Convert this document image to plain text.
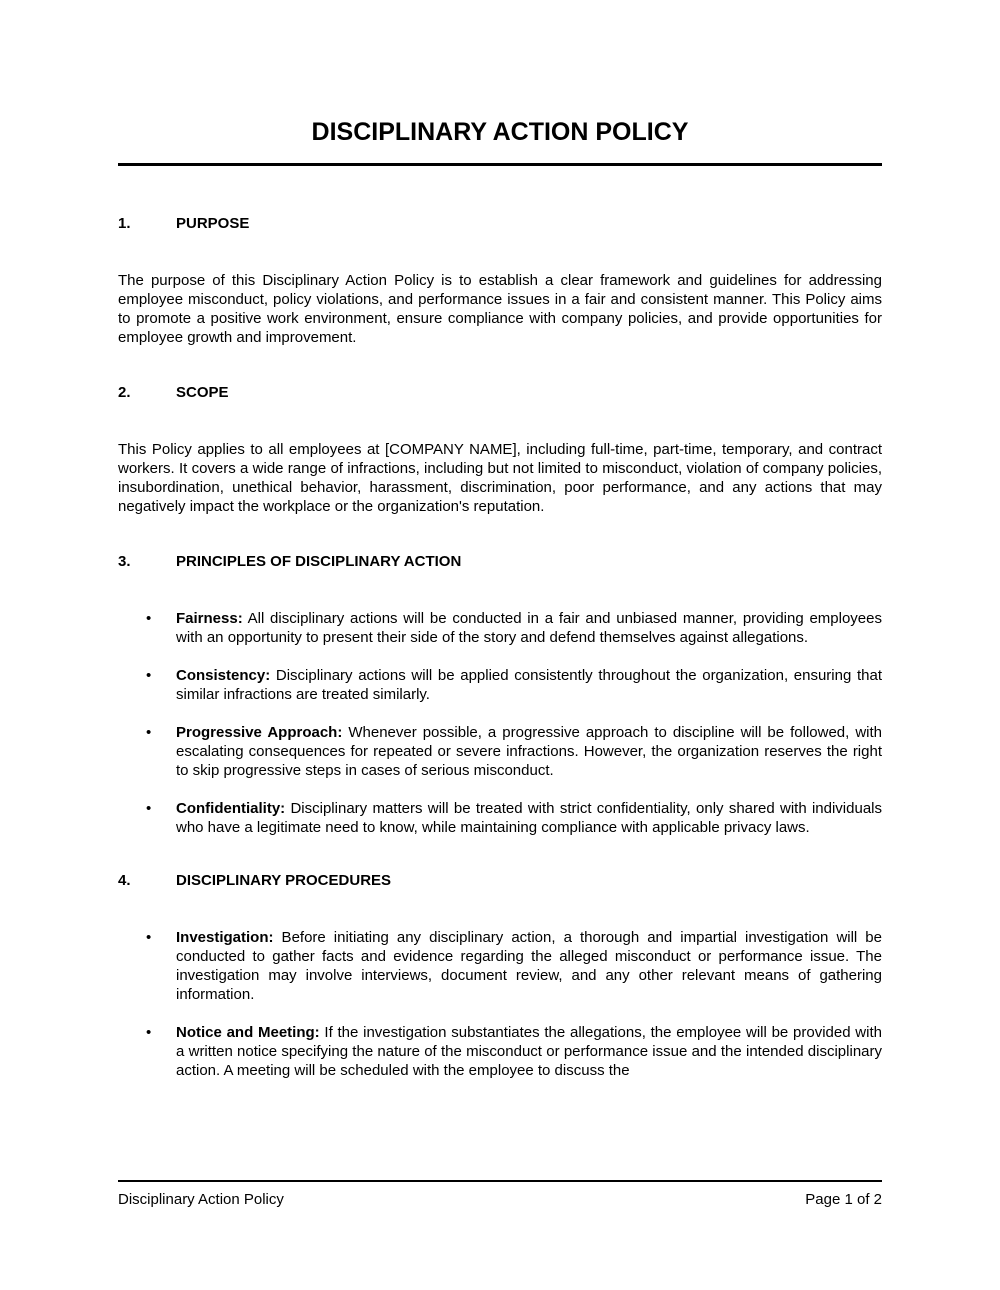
DISCIPLINARY ACTION POLICY
1.	PURPOSE

The purpose of this Disciplinary Action Policy is to establish a clear framework and guidelines for addressing employee misconduct, policy violations, and performance issues in a fair and consistent manner. This Policy aims to promote a positive work environment, ensure compliance with company policies, and provide opportunities for employee growth and improvement.

2.	SCOPE

This Policy applies to all employees at [COMPANY NAME], including full-time, part-time, temporary, and contract workers. It covers a wide range of infractions, including but not limited to misconduct, violation of company policies, insubordination, unethical behavior, harassment, discrimination, poor performance, and any actions that may negatively impact the workplace or the organization's reputation.

3.	PRINCIPLES OF DISCIPLINARY ACTION
• Fairness: All disciplinary actions will be conducted in a fair and unbiased manner, providing employees with an opportunity to present their side of the story and defend themselves against allegations.
• Consistency: Disciplinary actions will be applied consistently throughout the organization, ensuring that similar infractions are treated similarly.
• Progressive Approach: Whenever possible, a progressive approach to discipline will be followed, with escalating consequences for repeated or severe infractions. However, the organization reserves the right to skip progressive steps in cases of serious misconduct.
• Confidentiality: Disciplinary matters will be treated with strict confidentiality, only shared with individuals who have a legitimate need to know, while maintaining compliance with applicable privacy laws.
4.	DISCIPLINARY PROCEDURES
• Investigation: Before initiating any disciplinary action, a thorough and impartial investigation will be conducted to gather facts and evidence regarding the alleged misconduct or performance issue. The investigation may involve interviews, document review, and any other relevant means of gathering information.
• Notice and Meeting: If the investigation substantiates the allegations, the employee will be provided with a written notice specifying the nature of the misconduct or performance issue and the intended disciplinary action. A meeting will be scheduled with the employee to discuss the
Disciplinary Action Policy	Page 1 of 2
